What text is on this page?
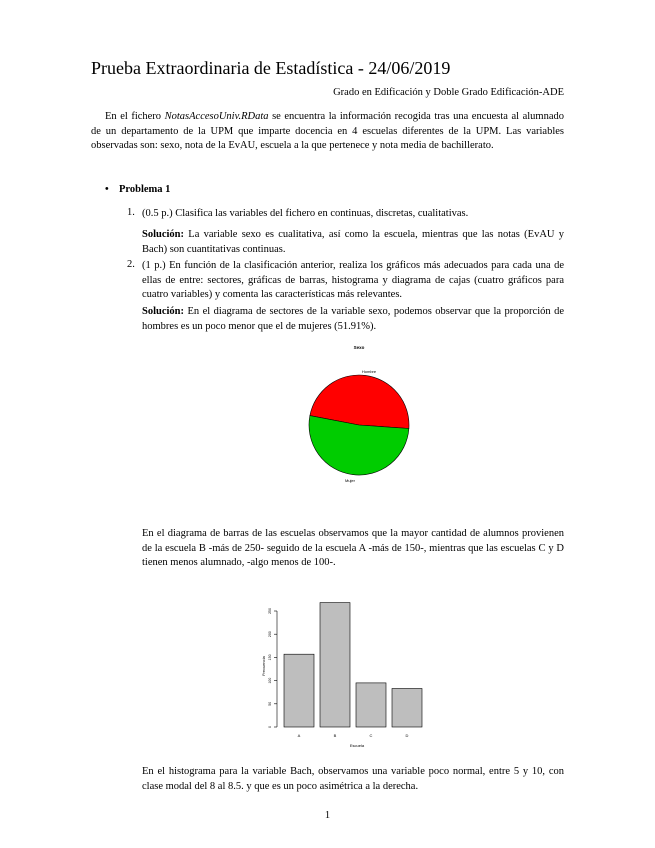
Prueba Extraordinaria de Estadística - 24/06/2019
Grado en Edificación y Doble Grado Edificación-ADE

En el fichero NotasAccesoUniv.RData se encuentra la información recogida tras una encuesta al alumnado de un departamento de la UPM que imparte docencia en 4 escuelas diferentes de la UPM. Las variables observadas son: sexo, nota de la EvAU, escuela a la que pertenece y nota media de bachillerato.

• Problema 1
1. (0.5 p.) Clasifica las variables del fichero en continuas, discretas, cualitativas.

Solución: La variable sexo es cualitativa, así como la escuela, mientras que las notas (EvAU y Bach) son cuantitativas continuas.

2. (1 p.) En función de la clasificación anterior, realiza los gráficos más adecuados para cada una de ellas de entre: sectores, gráficas de barras, histograma y diagrama de cajas (cuatro gráficos para cuatro variables) y comenta las características más relevantes.

Solución: En el diagrama de sectores de la variable sexo, podemos observar que la proporción de hombres es un poco menor que el de mujeres (51.91%).

Sexo
Hombre
Mujer

En el diagrama de barras de las escuelas observamos que la mayor cantidad de alumnos provienen de la escuela B -más de 250- seguido de la escuela A -más de 150-, mientras que las escuelas C y D tienen menos alumnado, -algo menos de 100-.

0
50
100
150
200
250
A	B	C	D
Escuela
Frecuencia

En el histograma para la variable Bach, observamos una variable poco normal, entre 5 y 10, con clase modal del 8 al 8.5. y que es un poco asimétrica a la derecha.

1
